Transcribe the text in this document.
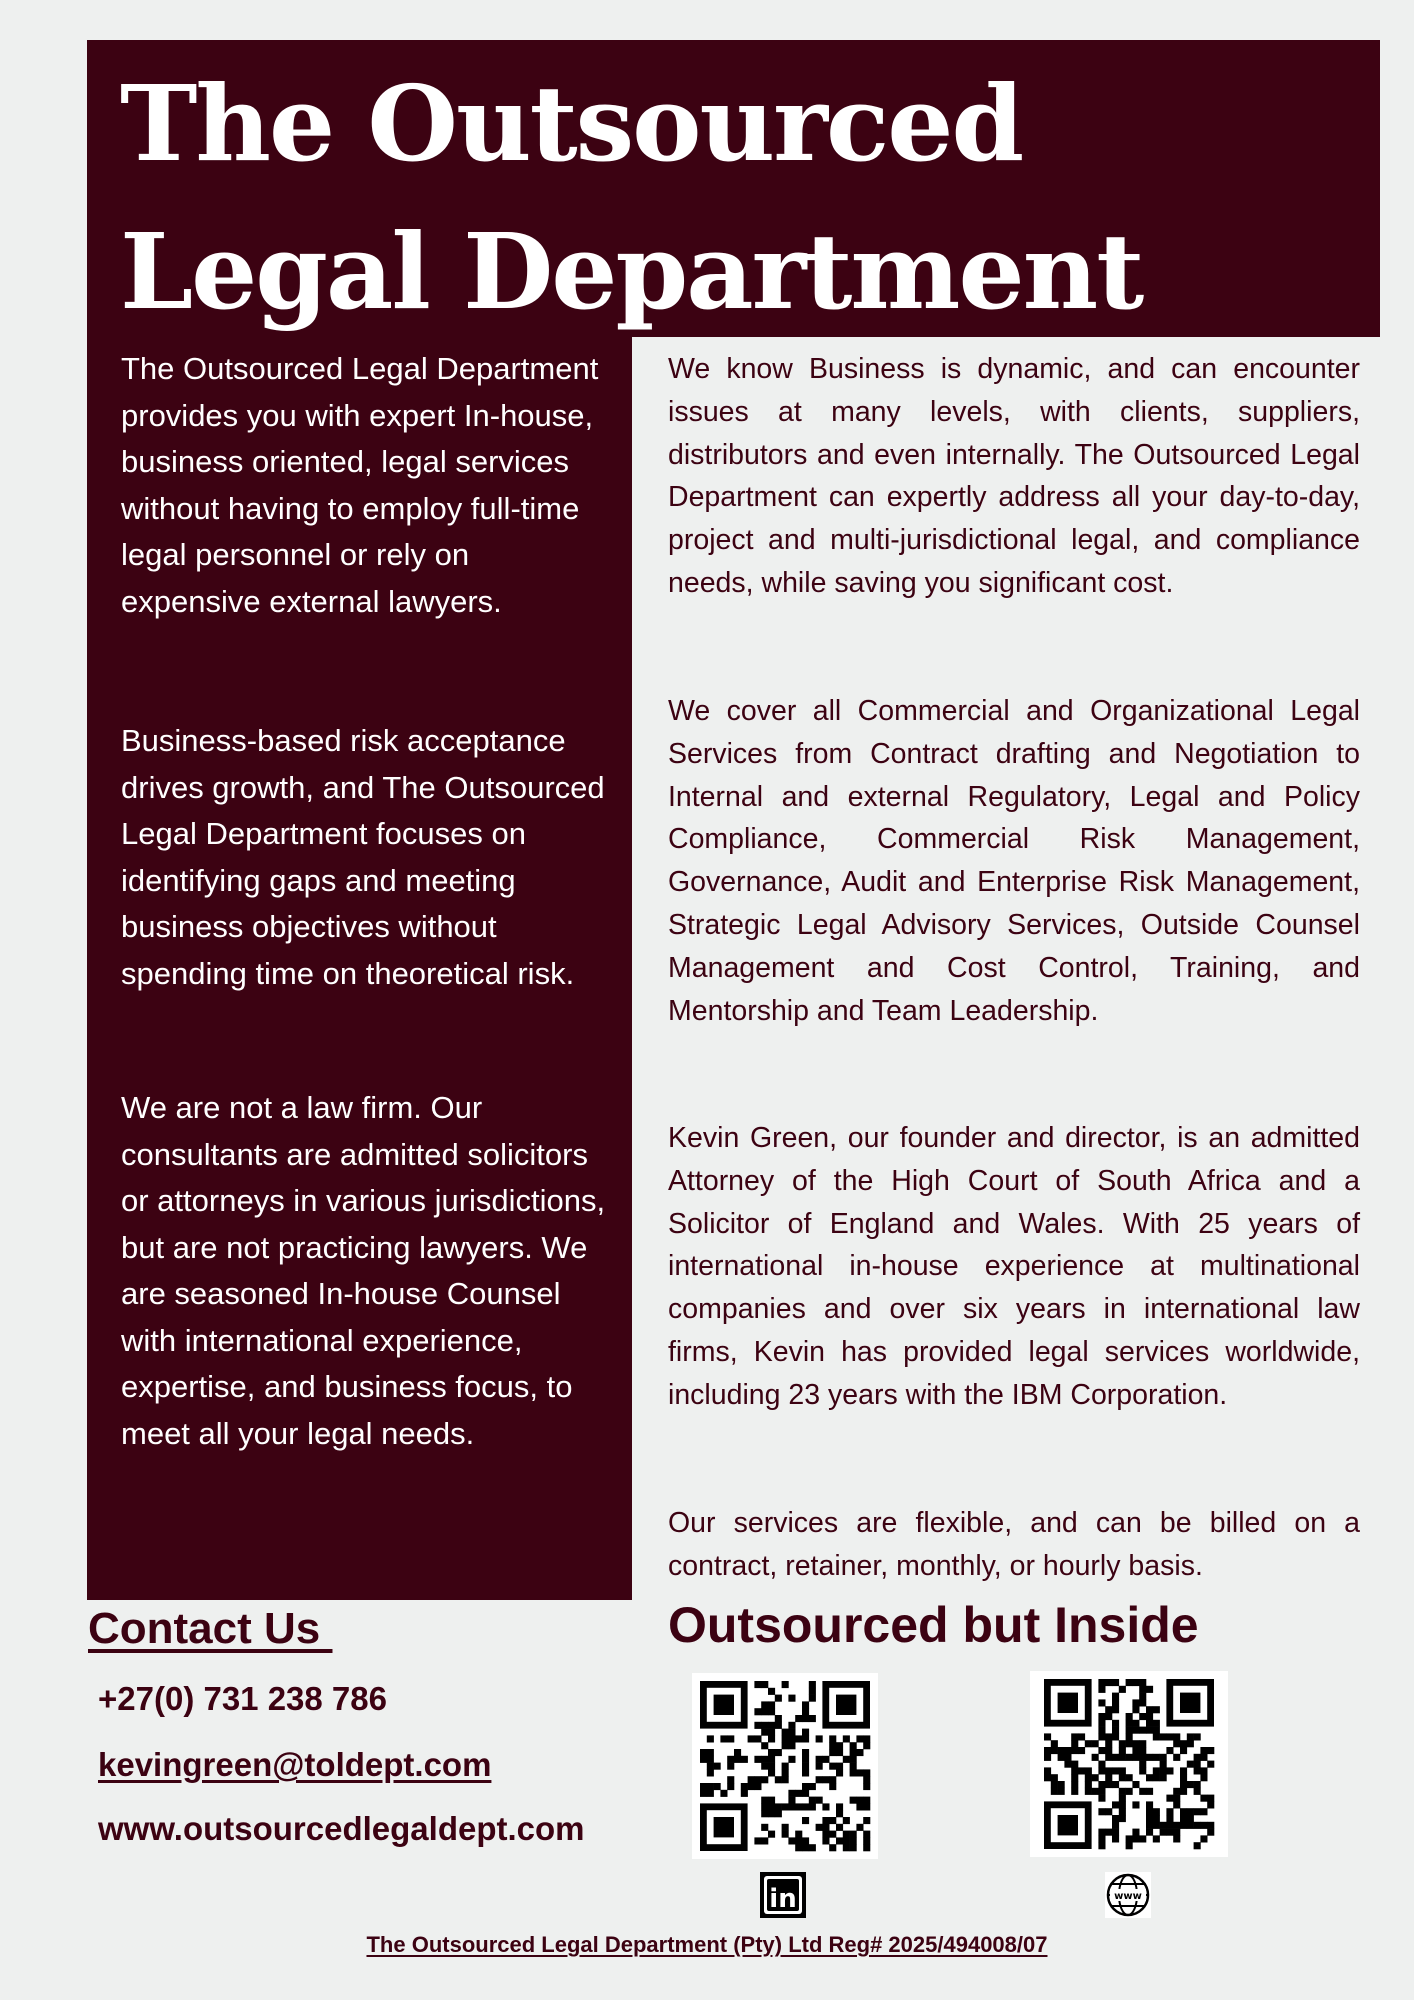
The Outsourced
Legal Department

The Outsourced Legal Department provides you with expert In-house, business oriented, legal services without having to employ full-time legal personnel or rely on expensive external lawyers.

Business-based risk acceptance drives growth, and The Outsourced Legal Department focuses on identifying gaps and meeting business objectives without spending time on theoretical risk.

We are not a law firm. Our consultants are admitted solicitors or attorneys in various jurisdictions, but are not practicing lawyers. We are seasoned In-house Counsel with international experience, expertise, and business focus, to meet all your legal needs.

We know Business is dynamic, and can encounter issues at many levels, with clients, suppliers, distributors and even internally. The Outsourced Legal Department can expertly address all your day-to-day, project and multi-jurisdictional legal, and compliance needs, while saving you significant cost.

We cover all Commercial and Organizational Legal Services from Contract drafting and Negotiation to Internal and external Regulatory, Legal and Policy Compliance, Commercial Risk Management, Governance, Audit and Enterprise Risk Management, Strategic Legal Advisory Services, Outside Counsel Management and Cost Control, Training, and Mentorship and Team Leadership.

Kevin Green, our founder and director, is an admitted Attorney of the High Court of South Africa and a Solicitor of England and Wales. With 25 years of international in-house experience at multinational companies and over six years in international law firms, Kevin has provided legal services worldwide, including 23 years with the IBM Corporation.

Our services are flexible, and can be billed on a contract, retainer, monthly, or hourly basis.

Contact Us

+27(0) 731 238 786

kevingreen@toldept.com

www.outsourcedlegaldept.com

Outsourced but Inside
in	www

The Outsourced Legal Department (Pty) Ltd Reg# 2025/494008/07
